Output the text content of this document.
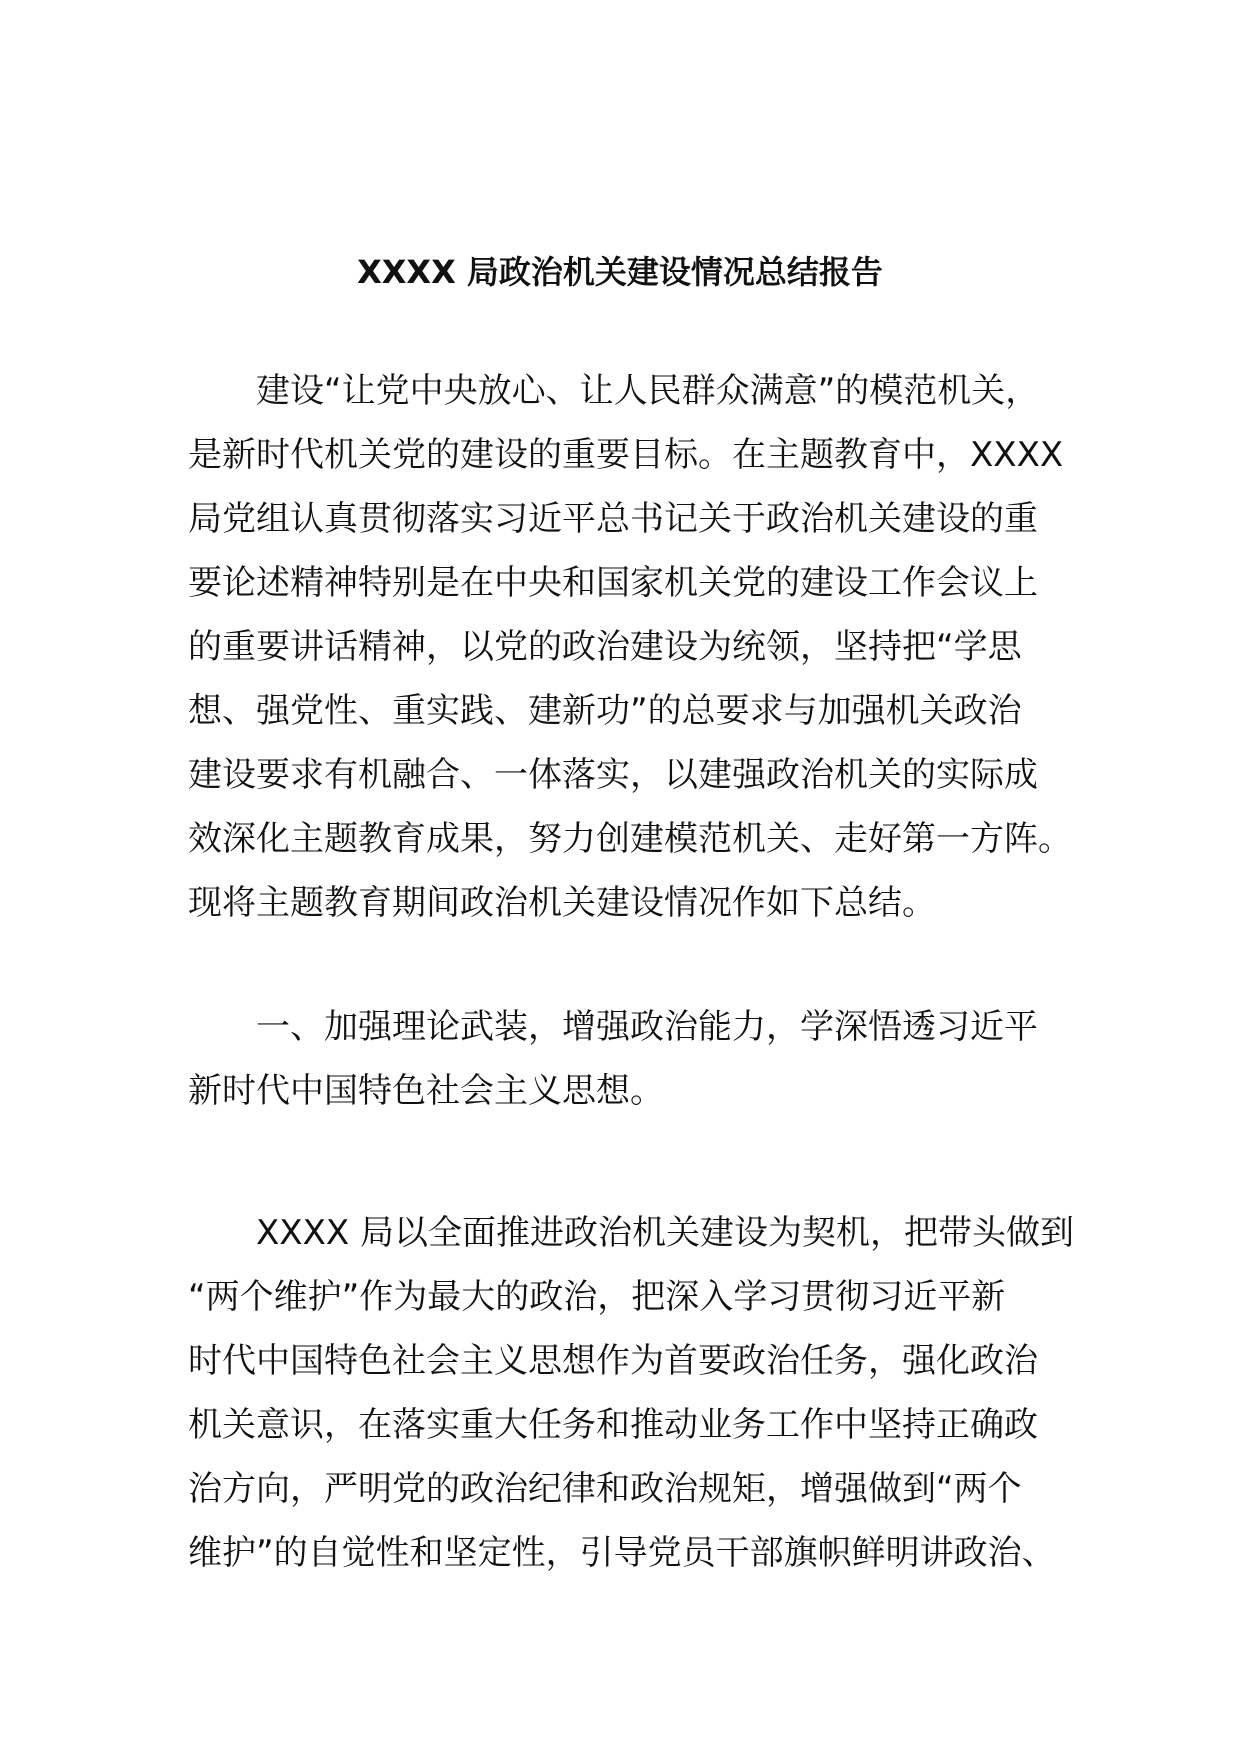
XXXX 局政治机关建设情况总结报告
　　建设“让党中央放心、让人民群众满意”的模范机关，
是新时代机关党的建设的重要目标。在主题教育中，XXXX
局党组认真贯彻落实习近平总书记关于政治机关建设的重
要论述精神特别是在中央和国家机关党的建设工作会议上
的重要讲话精神，以党的政治建设为统领，坚持把“学思
想、强党性、重实践、建新功”的总要求与加强机关政治
建设要求有机融合、一体落实，以建强政治机关的实际成
效深化主题教育成果，努力创建模范机关、走好第一方阵。
现将主题教育期间政治机关建设情况作如下总结。
　　一、加强理论武装，增强政治能力，学深悟透习近平
新时代中国特色社会主义思想。
　　XXXX 局以全面推进政治机关建设为契机，把带头做到
“两个维护”作为最大的政治，把深入学习贯彻习近平新
时代中国特色社会主义思想作为首要政治任务，强化政治
机关意识，在落实重大任务和推动业务工作中坚持正确政
治方向，严明党的政治纪律和政治规矩，增强做到“两个
维护”的自觉性和坚定性，引导党员干部旗帜鲜明讲政治、
